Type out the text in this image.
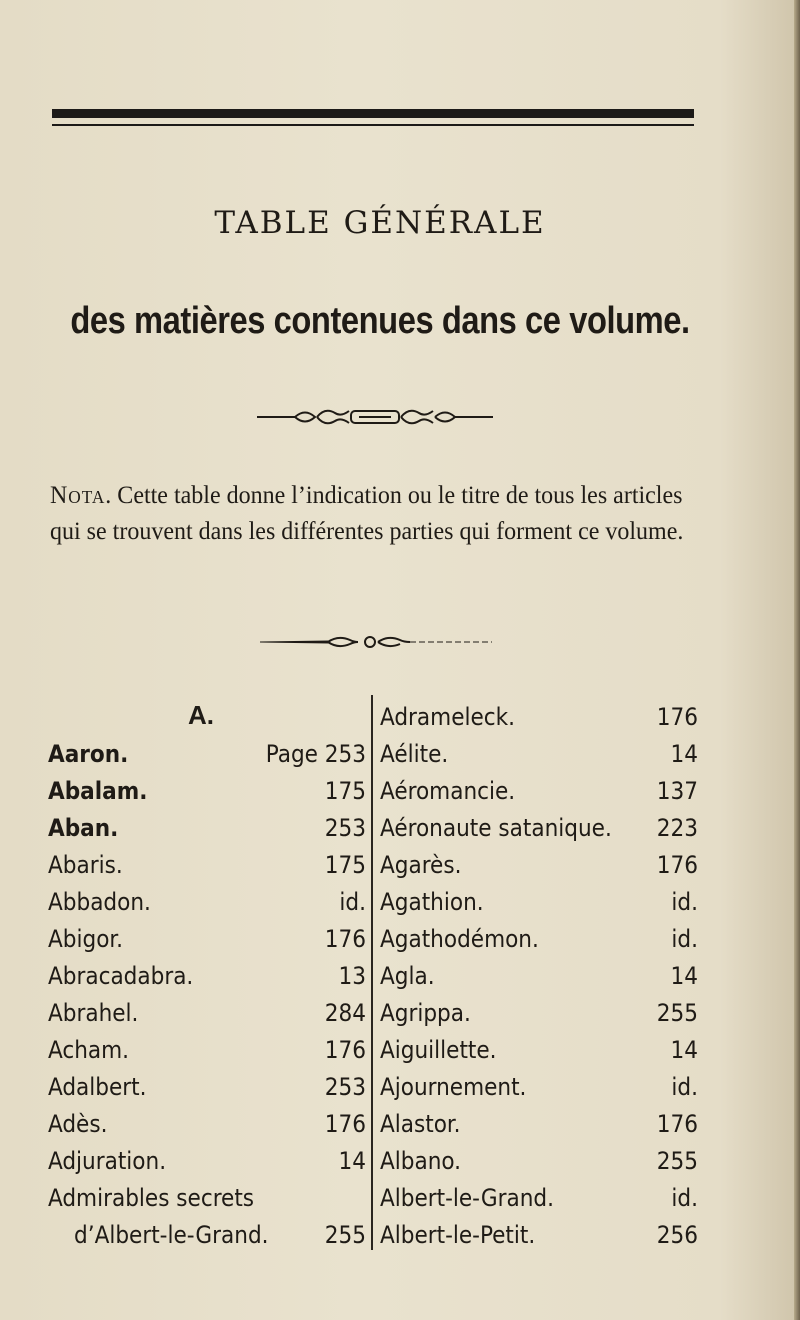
TABLE GÉNÉRALE
des matières contenues dans ce volume.
Nota. Cette table donne l’indication ou le titre de tous les articles qui se trouvent dans les différentes parties qui forment ce volume.
A.
Aaron.	Page 253
Abalam.	175
Aban.	253
Abaris.	175
Abbadon.	id.
Abigor.	176
Abracadabra.	13
Abrahel.	284
Acham.	176
Adalbert.	253
Adès.	176
Adjuration.	14
Admirables secrets
d’Albert-le-Grand. 255
Adrameleck.	176
Aélite.	14
Aéromancie.	137
Aéronaute satanique. 223
Agarès.	176
Agathion.	id.
Agathodémon.	id.
Agla.	14
Agrippa.	255
Aiguillette.	14
Ajournement.	id.
Alastor.	176
Albano.	255
Albert-le-Grand.	id.
Albert-le-Petit.	256
